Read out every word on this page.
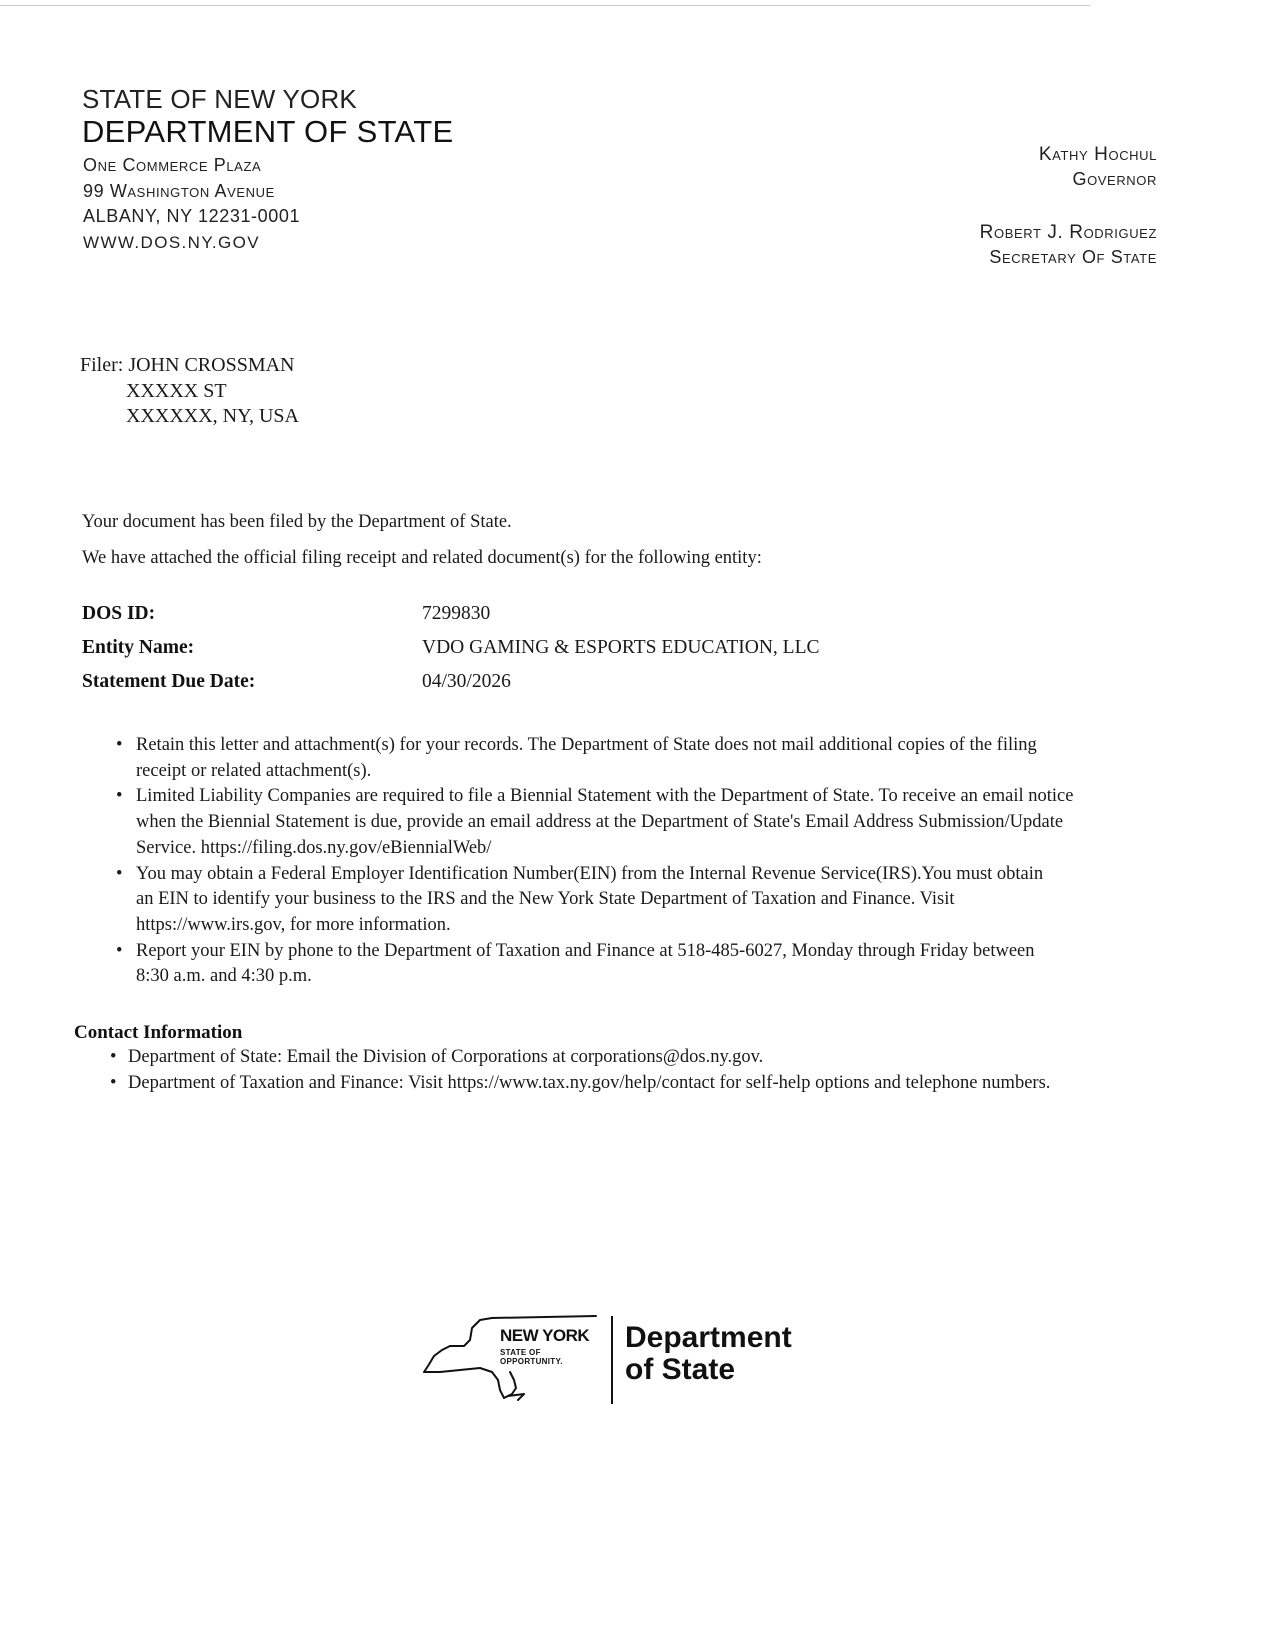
STATE OF NEW YORK
DEPARTMENT OF STATE
One Commerce Plaza
99 Washington Avenue
ALBANY, NY 12231-0001
WWW.DOS.NY.GOV
Kathy Hochul
Governor
Robert J. Rodriguez
Secretary Of State
Filer: JOHN CROSSMAN
XXXXX ST
XXXXXX, NY, USA
Your document has been filed by the Department of State.
We have attached the official filing receipt and related document(s) for the following entity:
DOS ID:	7299830
Entity Name:	VDO GAMING & ESPORTS EDUCATION, LLC
Statement Due Date:	04/30/2026
• Retain this letter and attachment(s) for your records. The Department of State does not mail additional copies of the filing
receipt or related attachment(s).
• Limited Liability Companies are required to file a Biennial Statement with the Department of State. To receive an email notice
when the Biennial Statement is due, provide an email address at the Department of State's Email Address Submission/Update
Service. https://filing.dos.ny.gov/eBiennialWeb/
• You may obtain a Federal Employer Identification Number(EIN) from the Internal Revenue Service(IRS).You must obtain
an EIN to identify your business to the IRS and the New York State Department of Taxation and Finance. Visit
https://www.irs.gov, for more information.
• Report your EIN by phone to the Department of Taxation and Finance at 518-485-6027, Monday through Friday between
8:30 a.m. and 4:30 p.m.
Contact Information
• Department of State: Email the Division of Corporations at corporations@dos.ny.gov.
• Department of Taxation and Finance: Visit https://www.tax.ny.gov/help/contact for self-help options and telephone numbers.
NEW YORK
STATE OF
OPPORTUNITY.
Department
of State
